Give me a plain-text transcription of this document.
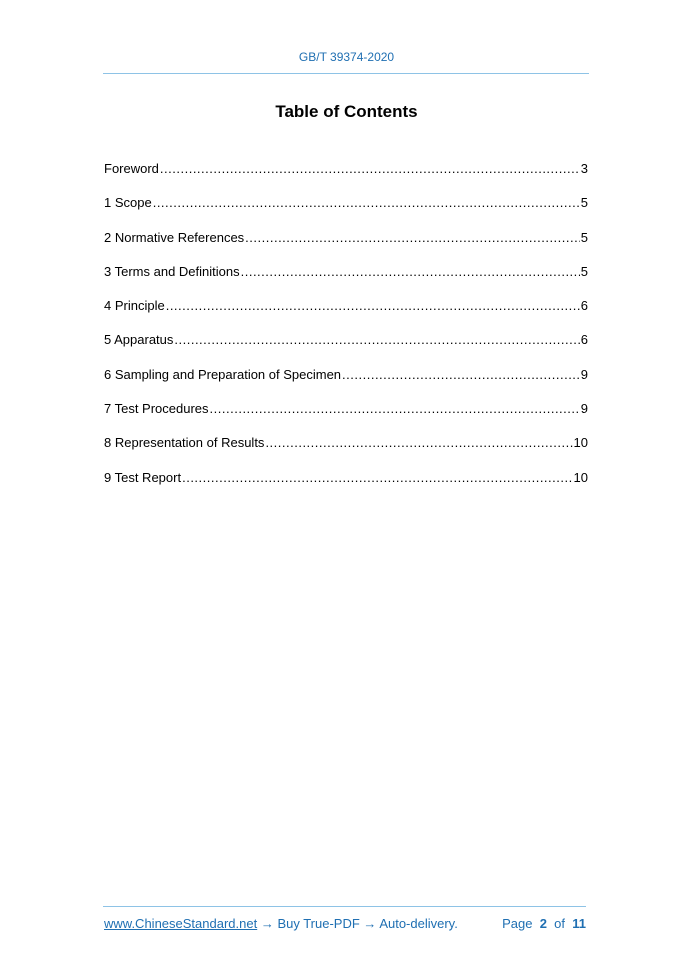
GB/T 39374-2020
Table of Contents
Foreword .....	3
1 Scope .....	5
2 Normative References .....	5
3 Terms and Definitions .....	5
4 Principle .....	6
5 Apparatus .....	6
6 Sampling and Preparation of Specimen .....	9
7 Test Procedures .....	9
8 Representation of Results .....	10
9 Test Report .....	10
www.ChineseStandard.net → Buy True-PDF → Auto-delivery.	Page 2 of 11
